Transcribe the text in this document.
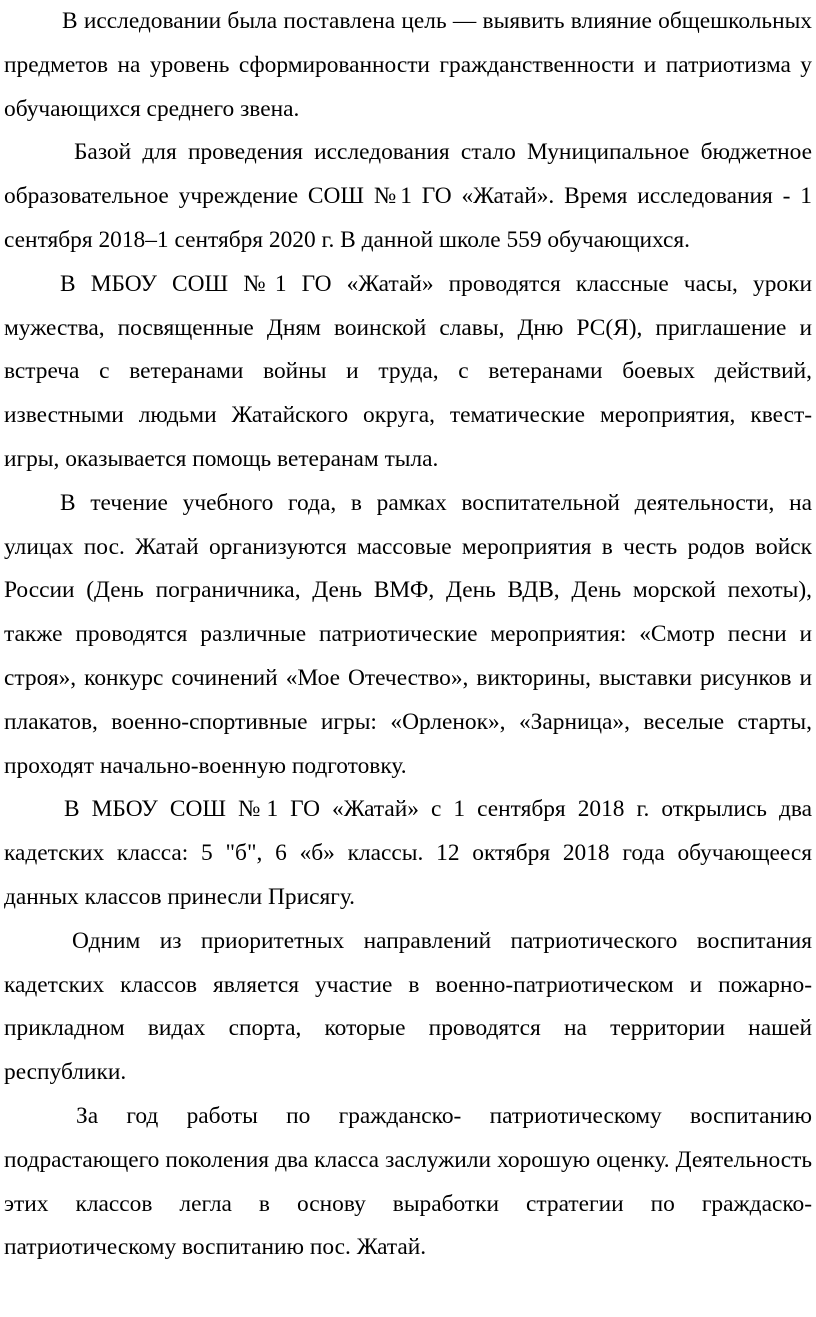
В исследовании была поставлена цель — выявить влияние общешкольных предметов на уровень сформированности гражданственности и патриотизма у обучающихся среднего звена.

Базой для проведения исследования стало Муниципальное бюджетное образовательное учреждение СОШ №1 ГО «Жатай». Время исследования - 1 сентября 2018–1 сентября 2020 г. В данной школе 559 обучающихся.

В МБОУ СОШ №1 ГО «Жатай» проводятся классные часы, уроки мужества, посвященные Дням воинской славы, Дню РС(Я), приглашение и встреча с ветеранами войны и труда, с ветеранами боевых действий, известными людьми Жатайского округа, тематические мероприятия, квест-игры, оказывается помощь ветеранам тыла.

В течение учебного года, в рамках воспитательной деятельности, на улицах пос. Жатай организуются массовые мероприятия в честь родов войск России (День пограничника, День ВМФ, День ВДВ, День морской пехоты), также проводятся различные патриотические мероприятия: «Смотр песни и строя», конкурс сочинений «Мое Отечество», викторины, выставки рисунков и плакатов, военно-спортивные игры: «Орленок», «Зарница», веселые старты, проходят начально-военную подготовку.

В МБОУ СОШ №1 ГО «Жатай» с 1 сентября 2018 г. открылись два кадетских класса: 5 "б", 6 «б» классы. 12 октября 2018 года обучающееся данных классов принесли Присягу.

Одним из приоритетных направлений патриотического воспитания кадетских классов является участие в военно-патриотическом и пожарно-прикладном видах спорта, которые проводятся на территории нашей республики.

За год работы по гражданско- патриотическому воспитанию подрастающего поколения два класса заслужили хорошую оценку. Деятельность этих классов легла в основу выработки стратегии по граждаско-патриотическому воспитанию пос. Жатай.
